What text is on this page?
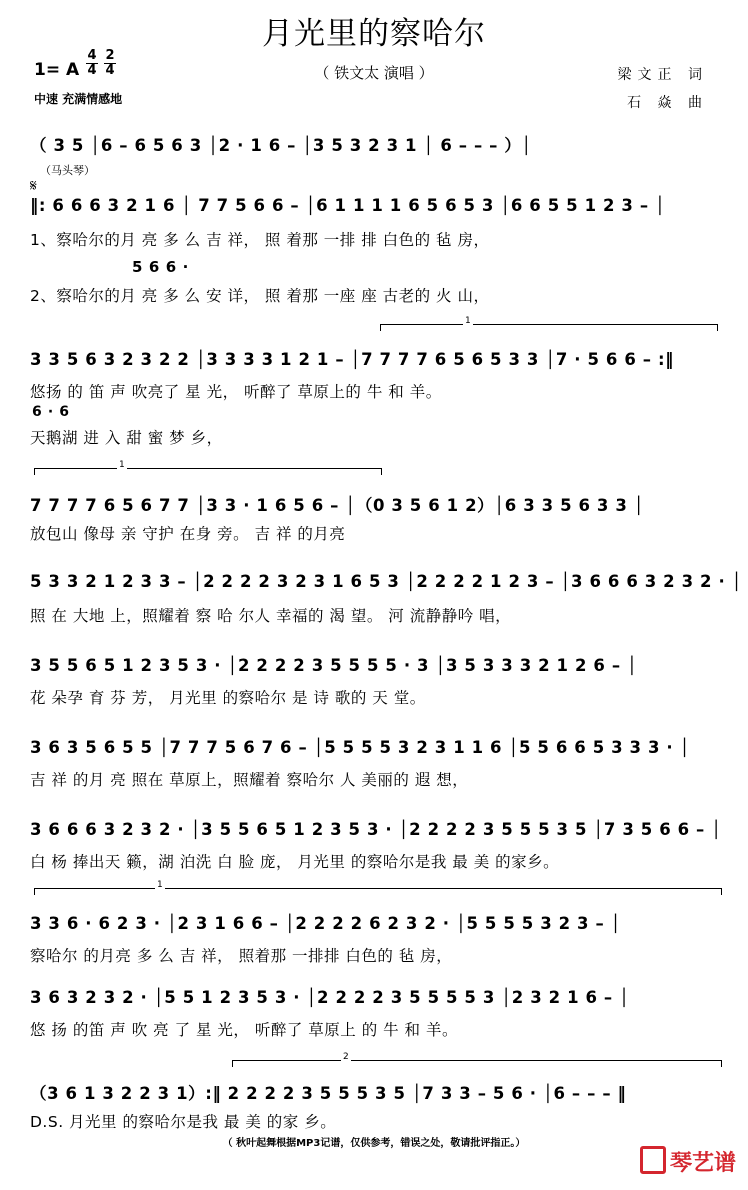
月光里的察哈尔
（ 铁文太 演唱 ）
1= A
4
4
2
4
中速 充满情感地
梁文正 词
石 焱 曲
（ 3 5 │6 – 6 5 6 3 │2 · 1 6 – │3 5 3 2 3 1 │ 6 – – – ）│
（马头琴）
𝄋
‖: 6 6 6 3 2 1 6 │ 7 7 5 6 6 – │6 1 1 1 1 6 5 6 5 3 │6 6 5 5 1 2 3 – │
1、察哈尔的月 亮 多 么 吉 祥， 照 着那 一排 排 白色的 毡 房，
5 6 6 ·
2、察哈尔的月 亮 多 么 安 详， 照 着那 一座 座 古老的 火 山，
1
3 3 5 6 3 2 3 2 2 │3 3 3 3 1 2 1 – │7 7 7 7 6 5 6 5 3 3 │7 · 5 6 6 – :‖
悠扬 的 笛 声 吹亮了 星 光， 听醉了 草原上的 牛 和 羊。
6 · 6
天鹅湖 进 入 甜 蜜 梦 乡，
1
7 7 7 7 6 5 6 7 7 │3 3 · 1 6 5 6 – │（0 3 5 6 1 2）│6 3 3 5 6 3 3 │
放包山 像母 亲 守护 在身 旁。 吉 祥 的月亮
5 3 3 2 1 2 3 3 – │2 2 2 2 3 2 3 1 6 5 3 │2 2 2 2 1 2 3 – │3 6 6 6 3 2 3 2 · │
照 在 大地 上，照耀着 察 哈 尔人 幸福的 渴 望。 河 流静静吟 唱，
3 5 5 6 5 1 2 3 5 3 · │2 2 2 2 3 5 5 5 5 · 3 │3 5 3 3 3 2 1 2 6 – │
花 朵孕 育 芬 芳， 月光里 的察哈尔 是 诗 歌的 天 堂。
3 6 3 5 6 5 5 │7 7 7 5 6 7 6 – │5 5 5 5 3 2 3 1 1 6 │5 5 6 6 5 3 3 3 · │
吉 祥 的月 亮 照在 草原上，照耀着 察哈尔 人 美丽的 遐 想，
3 6 6 6 3 2 3 2 · │3 5 5 6 5 1 2 3 5 3 · │2 2 2 2 3 5 5 5 3 5 │7 3 5 6 6 – │
白 杨 捧出天 籁，湖 泊洗 白 脸 庞， 月光里 的察哈尔是我 最 美 的家乡。
1
3 3 6 · 6 2 3 · │2 3 1 6 6 – │2 2 2 2 6 2 3 2 · │5 5 5 5 3 2 3 – │
察哈尔 的月亮 多 么 吉 祥， 照着那 一排排 白色的 毡 房，
3 6 3 2 3 2 · │5 5 1 2 3 5 3 · │2 2 2 2 3 5 5 5 5 3 │2 3 2 1 6 – │
悠 扬 的笛 声 吹 亮 了 星 光， 听醉了 草原上 的 牛 和 羊。
2
（3 6 1 3 2 2 3 1）:‖ 2 2 2 2 3 5 5 5 3 5 │7 3 3 – 5 6 · │6 – – – ‖
D.S. 月光里 的察哈尔是我 最 美 的家 乡。
（ 秋叶起舞根据MP3记谱，仅供参考，错误之处，敬请批评指正。）
琴艺谱
